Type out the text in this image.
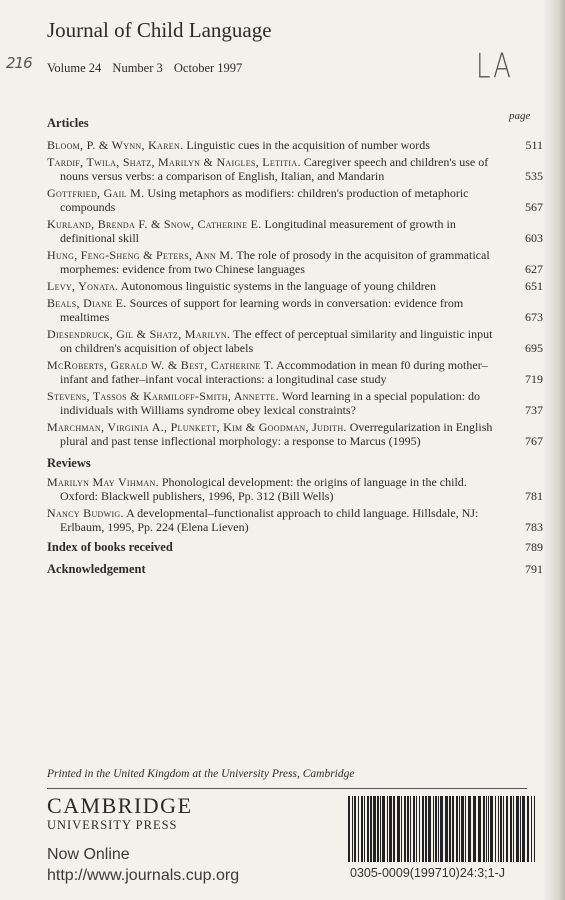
216	LA
Journal of Child Language
Volume 24 Number 3 October 1997
page
Articles
Bloom, P. & Wynn, Karen. Linguistic cues in the acquisition of number words	511
Tardif, Twila, Shatz, Marilyn & Naigles, Letitia. Caregiver speech and children's use of nouns versus verbs: a comparison of English, Italian, and Mandarin	535
Gottfried, Gail M. Using metaphors as modifiers: children's production of metaphoric compounds	567
Kurland, Brenda F. & Snow, Catherine E. Longitudinal measurement of growth in definitional skill	603
Hung, Feng-Sheng & Peters, Ann M. The role of prosody in the acquisiton of grammatical morphemes: evidence from two Chinese languages	627
Levy, Yonata. Autonomous linguistic systems in the language of young children	651
Beals, Diane E. Sources of support for learning words in conversation: evidence from mealtimes	673
Diesendruck, Gil & Shatz, Marilyn. The effect of perceptual similarity and linguistic input on children's acquisition of object labels	695
McRoberts, Gerald W. & Best, Catherine T. Accommodation in mean f0 during mother–infant and father–infant vocal interactions: a longitudinal case study	719
Stevens, Tassos & Karmiloff-Smith, Annette. Word learning in a special population: do individuals with Williams syndrome obey lexical constraints?	737
Marchman, Virginia A., Plunkett, Kim & Goodman, Judith. Overregularization in English plural and past tense inflectional morphology: a response to Marcus (1995)	767
Reviews
Marilyn May Vihman. Phonological development: the origins of language in the child. Oxford: Blackwell publishers, 1996, Pp. 312 (Bill Wells)	781
Nancy Budwig. A developmental–functionalist approach to child language. Hillsdale, NJ: Erlbaum, 1995, Pp. 224 (Elena Lieven)	783
Index of books received	789
Acknowledgement	791
Printed in the United Kingdom at the University Press, Cambridge
CAMBRIDGE
UNIVERSITY PRESS
Now Online
http://www.journals.cup.org	0305-0009(199710)24:3;1-J
